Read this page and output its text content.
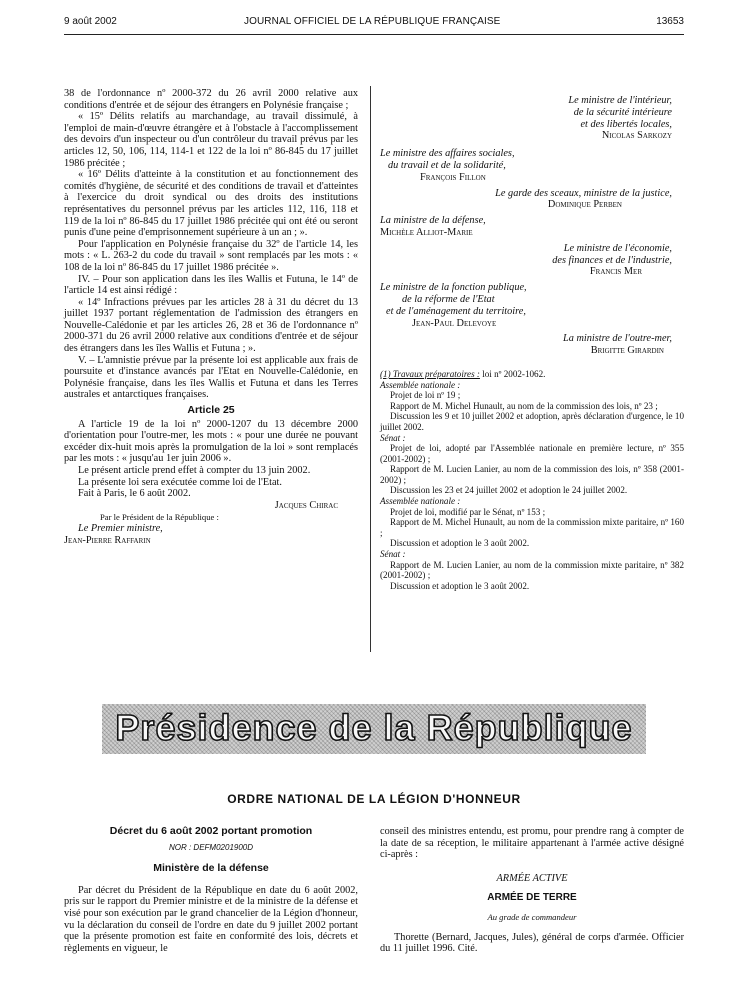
9 août 2002	JOURNAL OFFICIEL DE LA RÉPUBLIQUE FRANÇAISE	13653

38 de l'ordonnance nº 2000-372 du 26 avril 2000 relative aux conditions d'entrée et de séjour des étrangers en Polynésie française ;

« 15º Délits relatifs au marchandage, au travail dissimulé, à l'emploi de main-d'œuvre étrangère et à l'obstacle à l'accomplissement des devoirs d'un inspecteur ou d'un contrôleur du travail prévus par les articles 12, 50, 106, 114, 114-1 et 122 de la loi nº 86-845 du 17 juillet 1986 précitée ;

« 16º Délits d'atteinte à la constitution et au fonctionnement des comités d'hygiène, de sécurité et des conditions de travail et d'atteintes à l'exercice du droit syndical ou des droits des institutions représentatives du personnel prévus par les articles 112, 116, 118 et 119 de la loi nº 86-845 du 17 juillet 1986 précitée qui ont été ou seront punis d'une peine d'emprisonnement supérieure à un an ; ».

Pour l'application en Polynésie française du 32º de l'article 14, les mots : « L. 263-2 du code du travail » sont remplacés par les mots : « 108 de la loi nº 86-845 du 17 juillet 1986 précitée ».

IV. – Pour son application dans les îles Wallis et Futuna, le 14º de l'article 14 est ainsi rédigé :

« 14º Infractions prévues par les articles 28 à 31 du décret du 13 juillet 1937 portant réglementation de l'admission des étrangers en Nouvelle-Calédonie et par les articles 26, 28 et 36 de l'ordonnance nº 2000-371 du 26 avril 2000 relative aux conditions d'entrée et de séjour des étrangers dans les îles Wallis et Futuna ; ».

V. – L'amnistie prévue par la présente loi est applicable aux frais de poursuite et d'instance avancés par l'Etat en Nouvelle-Calédonie, en Polynésie française, dans les îles Wallis et Futuna et dans les Terres australes et antarctiques françaises.

Article 25

A l'article 19 de la loi nº 2000-1207 du 13 décembre 2000 d'orientation pour l'outre-mer, les mots : « pour une durée ne pouvant excéder dix-huit mois après la promulgation de la loi » sont remplacés par les mots : « jusqu'au 1er juin 2006 ».

Le présent article prend effet à compter du 13 juin 2002.

La présente loi sera exécutée comme loi de l'Etat.

Fait à Paris, le 6 août 2002.

Jacques Chirac

Par le Président de la République :

Le Premier ministre,

Jean-Pierre Raffarin

Le ministre de l'intérieur,

de la sécurité intérieure

et des libertés locales,

Nicolas Sarkozy

Le ministre des affaires sociales,

du travail et de la solidarité,

François Fillon

Le garde des sceaux, ministre de la justice,

Dominique Perben

La ministre de la défense,

Michèle Alliot-Marie

Le ministre de l'économie,

des finances et de l'industrie,

Francis Mer

Le ministre de la fonction publique,

de la réforme de l'Etat

et de l'aménagement du territoire,

Jean-Paul Delevoye

La ministre de l'outre-mer,

Brigitte Girardin

(1) Travaux préparatoires : loi nº 2002-1062.

Assemblée nationale :

Projet de loi nº 19 ;

Rapport de M. Michel Hunault, au nom de la commission des lois, nº 23 ;

Discussion les 9 et 10 juillet 2002 et adoption, après déclaration d'urgence, le 10 juillet 2002.

Sénat :

Projet de loi, adopté par l'Assemblée nationale en première lecture, nº 355 (2001-2002) ;

Rapport de M. Lucien Lanier, au nom de la commission des lois, nº 358 (2001-2002) ;

Discussion les 23 et 24 juillet 2002 et adoption le 24 juillet 2002.

Assemblée nationale :

Projet de loi, modifié par le Sénat, nº 153 ;

Rapport de M. Michel Hunault, au nom de la commission mixte paritaire, nº 160 ;

Discussion et adoption le 3 août 2002.

Sénat :

Rapport de M. Lucien Lanier, au nom de la commission mixte paritaire, nº 382 (2001-2002) ;

Discussion et adoption le 3 août 2002.

Présidence de la République
ORDRE NATIONAL DE LA LÉGION D'HONNEUR
Décret du 6 août 2002 portant promotion
NOR : DEFM0201900D
Ministère de la défense

Par décret du Président de la République en date du 6 août 2002, pris sur le rapport du Premier ministre et de la ministre de la défense et visé pour son exécution par le grand chancelier de la Légion d'honneur, vu la déclaration du conseil de l'ordre en date du 9 juillet 2002 portant que la présente promotion est faite en conformité des lois, décrets et règlements en vigueur, le

conseil des ministres entendu, est promu, pour prendre rang à compter de la date de sa réception, le militaire appartenant à l'armée active désigné ci-après :

ARMÉE ACTIVE

ARMÉE DE TERRE

Au grade de commandeur

Thorette (Bernard, Jacques, Jules), général de corps d'armée. Officier du 11 juillet 1996. Cité.
